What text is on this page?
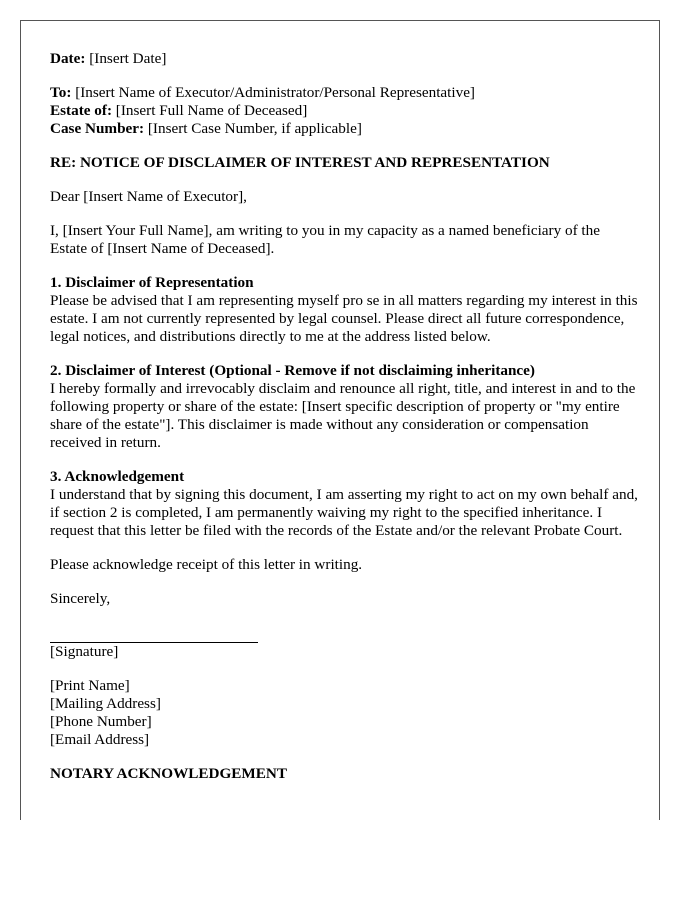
Date: [Insert Date]

To: [Insert Name of Executor/Administrator/Personal Representative]

Estate of: [Insert Full Name of Deceased]

Case Number: [Insert Case Number, if applicable]

RE: NOTICE OF DISCLAIMER OF INTEREST AND REPRESENTATION

Dear [Insert Name of Executor],

I, [Insert Your Full Name], am writing to you in my capacity as a named beneficiary of the Estate of [Insert Name of Deceased].

1. Disclaimer of Representation
Please be advised that I am representing myself pro se in all matters regarding my interest in this estate. I am not currently represented by legal counsel. Please direct all future correspondence, legal notices, and distributions directly to me at the address listed below.

2. Disclaimer of Interest (Optional - Remove if not disclaiming inheritance)
I hereby formally and irrevocably disclaim and renounce all right, title, and interest in and to the following property or share of the estate: [Insert specific description of property or "my entire share of the estate"]. This disclaimer is made without any consideration or compensation received in return.

3. Acknowledgement
I understand that by signing this document, I am asserting my right to act on my own behalf and, if section 2 is completed, I am permanently waiving my right to the specified inheritance. I request that this letter be filed with the records of the Estate and/or the relevant Probate Court.

Please acknowledge receipt of this letter in writing.

Sincerely,

[Signature]

[Print Name]
[Mailing Address]
[Phone Number]
[Email Address]

NOTARY ACKNOWLEDGEMENT
